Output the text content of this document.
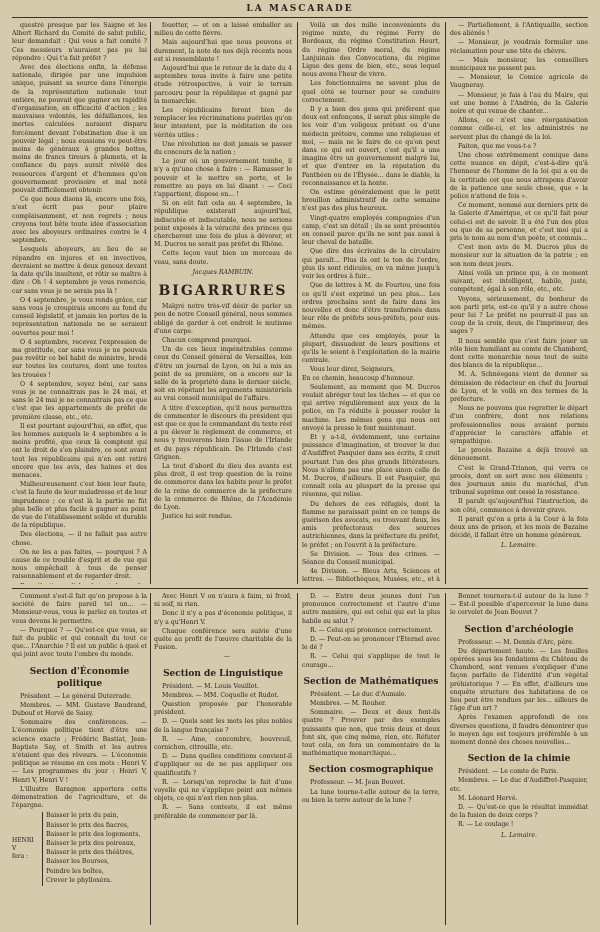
LA MASCARADE

questré presque par les Saigne et les Albert Richard du Comité de salut public, leur demandait : Qui vous a fait comité ? Ces messieurs n'auraient pas pu lui répondre : Qui t'a fait préfet ?

Avec des élections enfin, la défense nationale, dirigée par une impulsion unique, puisant sa source dans l'énergie de la représentation nationale tout entière, ne pouvait que gagner en rapidité d'organisation, en efficacité d'action ; les mauvaises volontés, les défaillances, les inertes calculées auraient disparu forcément devant l'obstination due à un pouvoir légal ; nous eussions vu peut-être moins de généraux à grandes bottes, moins de francs tireurs à plumets, et la confiance du pays aurait révélé des ressources d'argent et d'hommes qu'on gouvernement provisoire et mal noté pouvait difficilement obtenir.

Ce que nous disons là, encore une fois, n'est écrit pas pour plaire complaisamment, et non regrets ; nous croyons tout bête toute idée d'association avec les aboyeurs ordinaires contre le 4 septembre.

Lesquels aboyeurs, au lieu de se répandre en injures et en invectives, devraient se mettre à deux genoux devant la date qu'ils insultent, et rôtir se maître à dire : Oh ! 4 septembre je vous remercie, car sans vous je ne serais pas là !

O 4 septembre, je vous rends grâce, car sans vous je croupirais encore au fond du conseil législatif, et jamais les portes de la représentation nationale ne se seraient ouvertes pour moi !

O 4 septembre, recevez l'expression de ma gratitude, car sans vous je ne pouvais pas revêtir ce bel habit de ministre, brodé sur toutes les coutures, dont une toutes les trouées !

O 4 septembre, soyez béni, car sans vous je ne connaitrais pas le 24 mai, et sans le 24 mai je ne connaitrais pas ce que c'est que les appartements de préfet de première classe, etc., etc.

Il est pourtant aujourd'hui, en effet, que les hommes auxquels le 4 septembre a le moins profité, que ceux là comptent qui ont le droit de s'en plaindre, ce sont avant tout les républicains qui n'en ont retiré encore que les avis, des haines et des menaces.

Malheureusement c'est bien leur faute, c'est la faute de leur maladresse et de leur imprudence ; ce n'est là la partie ne fût plus belle et plus facile à gagner au point de vue de l'établissement solide et durable de la république.

Des élections, — il ne fallait pas autre chose.

On ne les a pas faites, — pourquoi ? A cause de ce trouble d'esprit et de vue qui nous empêchait à tous de penser raisonnablement et de regarder droit.

fouetter, — et on a laissé emballer au milieu de cette fièvre.

Mais aujourd'hui que nous pouvons et durement, la note de nos déjà récents nous est si ressemblante !

Aujourd'hui que le retour de la date du 4 septembre nous invite à faire une petite étude rétrospective, à voir le terrain parcouru pour la république et gagné par la monarchie.

Les républicains feront bien de remplacer les récriminations puériles qu'on leur intentent, par la méditation de ces vérités utiles :

Une révolution ne doit jamais se passer du concours de la nation ;

Le jour où un gouvernement tombe, il n'y a qu'une chose à faire : — Ramasser le pouvoir et le mettre en porte, et le remettre au pays en lui disant : — Ceci t'appartient, dispose en... !

Si on eût fait cela au 4 septembre, la république existerait aujourd'hui, indiscutée et indiscutable, nous ne serions point exposés à la véracité des princes qui chercheront une fois de plus à dévorer, et M. Ducros ne serait pas préfet du Rhône.

Cette leçon vaut bien un morceau de veau, sans doute.

Jacques RAMBUIN.

BIGARRURES

Malgré notre très-vif désir de parler un peu de notre Conseil général, nous sommes obligé de garder à cet endroit le mutisme d'une carpe.

Chacun comprend pourquoi.

Un de ces lieux impénétrables comme ceux du Conseil général de Versailles, loin d'être un journal de Lyon, on lui a mis au point de sa première, on a encore sur la salle de la propriété dans le dernier siècle, soit en répétant les arguments ministériels au vrai conseil municipal de l'affaire.

A titre d'exception, qu'il nous permettra de commenter le discours du président qui est que ce que le commandant du texte réel a pu élever le règlement de commerce, et nous y trouverons bien l'issue de l'Irlande et du pays républicain. De l'Irlande c'est Grignon.

La tout d'abord du dieu des avants est plus droit, il est trop question de la reine de commerce dans les habits pour le préfet de la reine de commerce de la préfecture de la commerce de Rhône, de l'Académie de Lyon.

Justice lui soit rendue.

Voilà un des mille inconvénients du régime mixte, du régime Ferry de Bordeaux, du régime Constitution Heurt, du régime Ordre moral, du régime Lanjuinais des Convocations, du régime Ligue des gens de bien, etc., sous lequel nous avons l'heur de vivre.

Les fonctionnaires ne savent plus de quel côté se tourner pour se conduire correctement.

Il y a bien des gens qui préfèrent que deux est enfonçons, il serait plus simple de les voir d'un voligeux prétent ou d'une médecin prétoire, comme une religieuse et moi, — mais ne le faire de ce qu'on peut dans ce qui est ouvert, c'est qu'il a une imagine être un gouvernement malgré lui, et que d'entrer en la réputation du Panthéon ou de l'Élysée... dans le diable, la reconnaissance et la honte.

On estime généralement que le petit brouillon administratif de cette semaine n'est pas des plus heureux.

Vingt-quatre employés compagnies d'un camp, c'est un détail ; ils se sont présentés en conseil parce qu'ils ne sont pas aussi à leur cheval de bataille.

Que dire des écrivains de la circulaire qui paraît... Plus ils ont le ton de l'ordre, plus ils sont ridicules, on va même jusqu'à voir les ordres à fuir...

Que de lettres à M. de Fourtou, une fois ce qu'il s'est exprimé un peu plus... Les ordres prochains sont de faire dans les nouvelles et donc d'être transformés dans leur rôle de préfets sous-préfets, pour eux-mêmes.

Attendu que ces employés, pour la plupart, dissuadent de leurs positions et qu'ils le soient à l'exploitation de la mairie centrale.

Vous leur direz, Seigneurs,
En ce chemin, beaucoup d'honneur.

Seulement, au moment que M. Ducros voulait abréger tout les tâches — et que ce qui arrive régulièrement aux yeux de la police, on l'a réduite à pousser rouler la machine. Les mêmes gens qui nous ont envoyé la presse le font maintenant.

Et y a-t-il, évidemment, une certaine puissance d'imagination, et trouver le duc d'Audiffret Pasquier dans ses écrits, il croit pourtant l'un des plus grands littérateurs. Nous n'allons pas une place sinon celle de M. Ducros, d'ailleurs. Il est Pasquier, qui connaît cela au pluspart de la presse qui résonne, qui relise.

Du dehors de ces réfugiés, dont la flamme ne paraissait point en ce temps de guérison des avocats, ou trouvant deux, les amis préfectoraux des sources autrichiennes, dans la préfecture du préfet, le préfet ; on l'ouvrit à la préfecture.

Se Division. — Tous des crimes. — Séance du Conseil municipal.

4e Division. — Bleus Arts, Sciences et lettres. — Bibliothèques, Musées, etc., et à

— Partiellement, à l'Antiquaille, section des aliénés !

— Monsieur, je voudrais formuler une réclamation pour une tête de chèvre.

— Mais monsieur, les conseillers municipaux ne passent pas.

— Monsieur, le Comice agricole de Vaugneray.

— Monsieur, je fais à l'au du Maire, qui est une bonne à l'Andréa, de la Galerie noire et qui venue de chanter...

Allons, ce n'est une réorganisation comme celle-ci, et les administrés ne servent plus du changé de la loi.

Faiton, que me vous-t-s ?

Une chose extrêmement comique dans cette nuance en dépit, c'est-à-dire qu'à l'honneur de l'homme de la loi qui a eu de la certitude cet que nous attrapons d'avoir de la patience une seule chose, que « la police n'attend de fois ».

Ce moment, nommé aux derniers prix de la Galerie d'Amérique, et ce qu'il fait pour celui-ci est de savoir. Il a été l'un des plus ou que de sa personne, et c'est moi qui a pris le nom au nom d'un poète, et commis...

C'est mon avis de M. Ducros plus de monsieur sur la situation de la patrie ; en son nom deux jours.

Ainsi voilà un prince qui, à ce moment suivant, est intelligent, habile, juste, compétent, égal à son rôle, etc., etc.

Voyons, sérieusement, du bonheur de son parti pris, est-ce qu'il y a autre chose pour lui ? Le préfet ne pourrait-il pas un coup de la croix, deux, de l'imprimeur, des sages ?

Il nous semble que c'est faire jouer un rôle bien humiliant au comte de Chambord, dont cette monarchie nous tout de suite des blancs de la république...

M. A. Schnéegans vient de donner sa démission de rédacteur en chef du Journal de Lyon, et le voilà en des termes de la préfecture.

Nous ne pouvons que regretter le départ d'un confrère, dont nos relations professionnelles nous avaient permis d'apprécier le caractère affable et sympathique.

Le procès Bazaine a déjà trouvé un dénouement.

C'est le Grand-Trianon, qui verra ce procès, dont on sort avec nos éléments ; des journaux amis du maréchal, d'un tribunal suprême ont cessé la résistance.

Il paraît qu'aujourd'hui l'instruction, de son côté, commence à devenir grave.

Il parait qu'on a pris à la Cour à la fois deux ans de prison, et les mois de Bazaine décidé, il fallait être un homme généreux.

L. Lemaire.

Comment s'est-il fait qu'on propose à la société de faire pareil tel un... — Monsieur-vous, vous le parlez en toutes et vous devons le permettre.

— Pourquoi ? — Qu'est-ce que vous, se fait du public et qui connaît du tout ce que... l'Anarchie ? Il est un public à quoi et qui joint avec toute l'ombre du monde.

Section d'Économie politique

Président. — Le général Duterrade.

Membres. — MM. Gustave Baudrand, Dubouf et Hervé de Saisy.

Sommaire des conférences. — L'économie politique tient d'être une science exacte ; Frédéric Bastiat, Jean-Baptiste Say, et Smith et les autres n'étaient que des rêveurs. — L'économie politique se résume en ces mots : Henri V. — Les programmes du jour : Henri V, Henri V, Henri V !

L'illustre Baragnon apportera cette démonstration de l'agriculture, et de l'épargne.

HENRI V
fera :

Baisser le prix du pain,

Baisser le prix des fiacres,

Baisser le prix des logements,

Baisser le prix des poireaux,

Baisser le prix des théâtres,

Baisser les Bourses,

Peindre les boîtes,

Crever le phylloxéra.

Avec Henri V on n'aura à faim, ni froid, ni soif, ni rien.

Donc il n'y a pas d'économie politique, il n'y a qu'Henri V.

Chaque conférence sera suivie d'une quête au profit de l'œuvre charitable de la Fusion.

—

Section de Linguistique

Président. — M. Louis Veuillot.

Membres. — MM. Coquelle et Rudot.

Question proposée par l'honorable président.

D. — Quels sont les mots les plus nobles de la langue française ?

R. — Ame, concombre, bouvreuil, cornichon, citrouille, etc.

D. — Dans quelles conditions convient-il d'appliquer ou de ne pas appliquer ces qualificatifs ?

R. — Lorsqu'on reproche le fait d'une voyelle qui ne s'applique point aux mêmes objets, ce qui n'est rien non plus.

R. — Sans conteste, il est même préférable de commencer par là.

D. — Entre deux jeunes dont l'un pronounce correctement et l'autre d'une autre manière, qui est celui qui est la plus habile au salut ?

R. — Celui qui prononce correctement.

D. — Peut-on se prononcer l'Éternel avec le dé ?

R. — Celui qui s'applique de tout le courage...

Section de Mathématiques

Président. — Le duc d'Aumale.

Membres. — M. Rouher.

Sommaire. — Deux et deux font-ils quatre ? Prouver par des exemples puissants que non, que trois deux et deux font six, que cinq même, rien, etc. Réfuter tout cela, on fera un commentaire de la mathématique monarchique...

Section cosmographique

Professeur. — M. Jean Bouvet.

La lune tourne-t-elle autour de la terre, ou bien la terre autour de la lune ?

Bonnet tournera-t-il autour de la lune ? — Est-il possible d'apercevoir la lune dans le cervelet de Jean Bouvet ?

Section d'archéologie

Professeur. — M. Dennis d'Arc, père.

Du département haute. — Les fouilles opérées sous les fondations du Château de Chambord, sont venues s'expliquer d'une façon parfaite de l'identité d'un végétal préhistorique ? — En effet, d'ailleurs une enquête structure des habitations de ce lieu peut être rendues par les... ailleurs de l'âge d'un art ?

Après l'examen approfondi de ces diverses questions, il faudra démontrer que le moyen âge est toujours préférable à un moment donné des choses nouvelles...

Section de la chimie

Président. — Le comte de Paris.

Membres. — Le duc d'Audiffret-Pasquier, etc.

M. Léonard Hervé.

D. — Qu'est-ce que le résultat immédiat de la fusion de deux corps ?

R. — Le coulage !

L. Lemaire.
